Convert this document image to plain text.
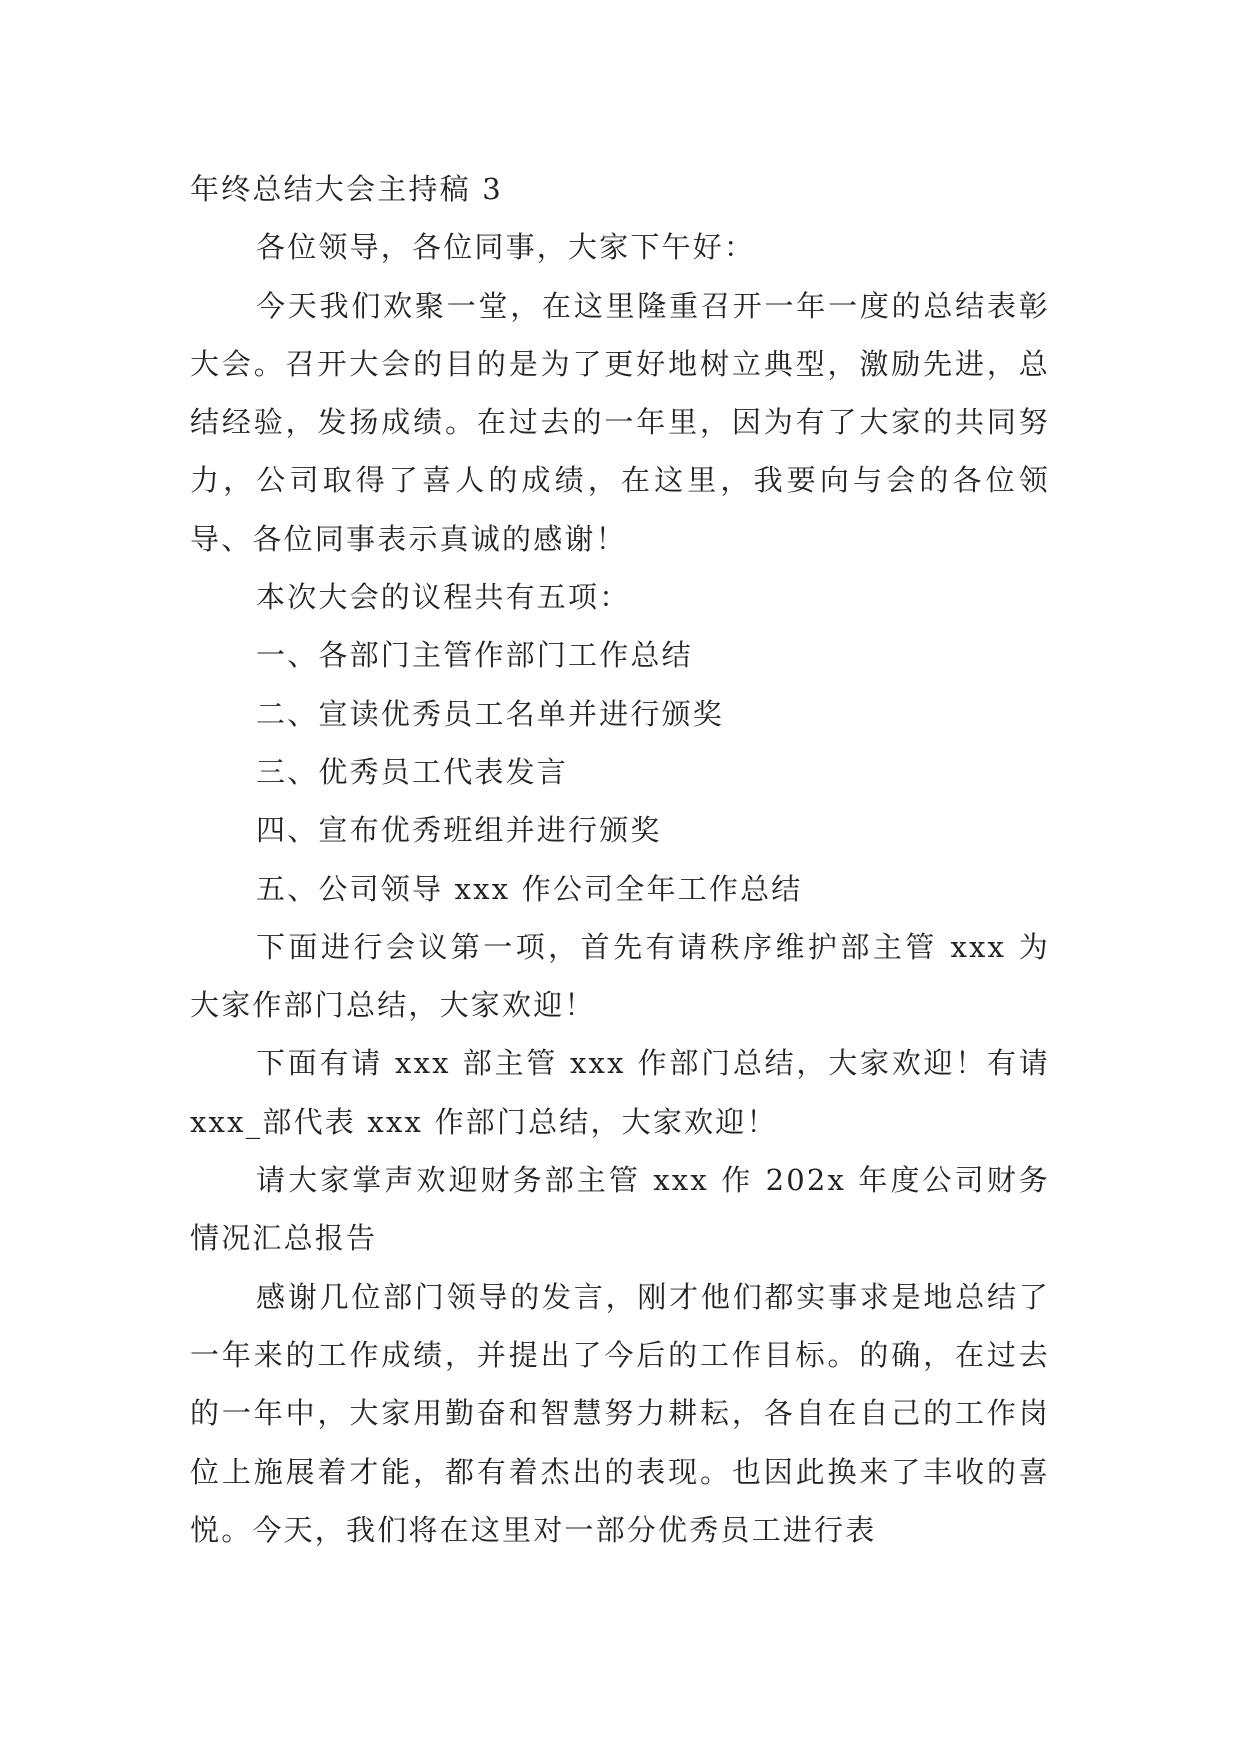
年终总结大会主持稿 3

各位领导，各位同事，大家下午好：

今天我们欢聚一堂，在这里隆重召开一年一度的总结表彰大会。召开大会的目的是为了更好地树立典型，激励先进，总结经验，发扬成绩。在过去的一年里，因为有了大家的共同努力，公司取得了喜人的成绩，在这里，我要向与会的各位领导、各位同事表示真诚的感谢！

本次大会的议程共有五项：

一、各部门主管作部门工作总结

二、宣读优秀员工名单并进行颁奖

三、优秀员工代表发言

四、宣布优秀班组并进行颁奖

五、公司领导 xxx 作公司全年工作总结

下面进行会议第一项，首先有请秩序维护部主管 xxx 为大家作部门总结，大家欢迎！

下面有请 xxx 部主管 xxx 作部门总结，大家欢迎！有请 xxx_部代表 xxx 作部门总结，大家欢迎！

请大家掌声欢迎财务部主管 xxx 作 202x 年度公司财务情况汇总报告

感谢几位部门领导的发言，刚才他们都实事求是地总结了一年来的工作成绩，并提出了今后的工作目标。的确，在过去的一年中，大家用勤奋和智慧努力耕耘，各自在自己的工作岗位上施展着才能，都有着杰出的表现。也因此换来了丰收的喜悦。今天，我们将在这里对一部分优秀员工进行表
